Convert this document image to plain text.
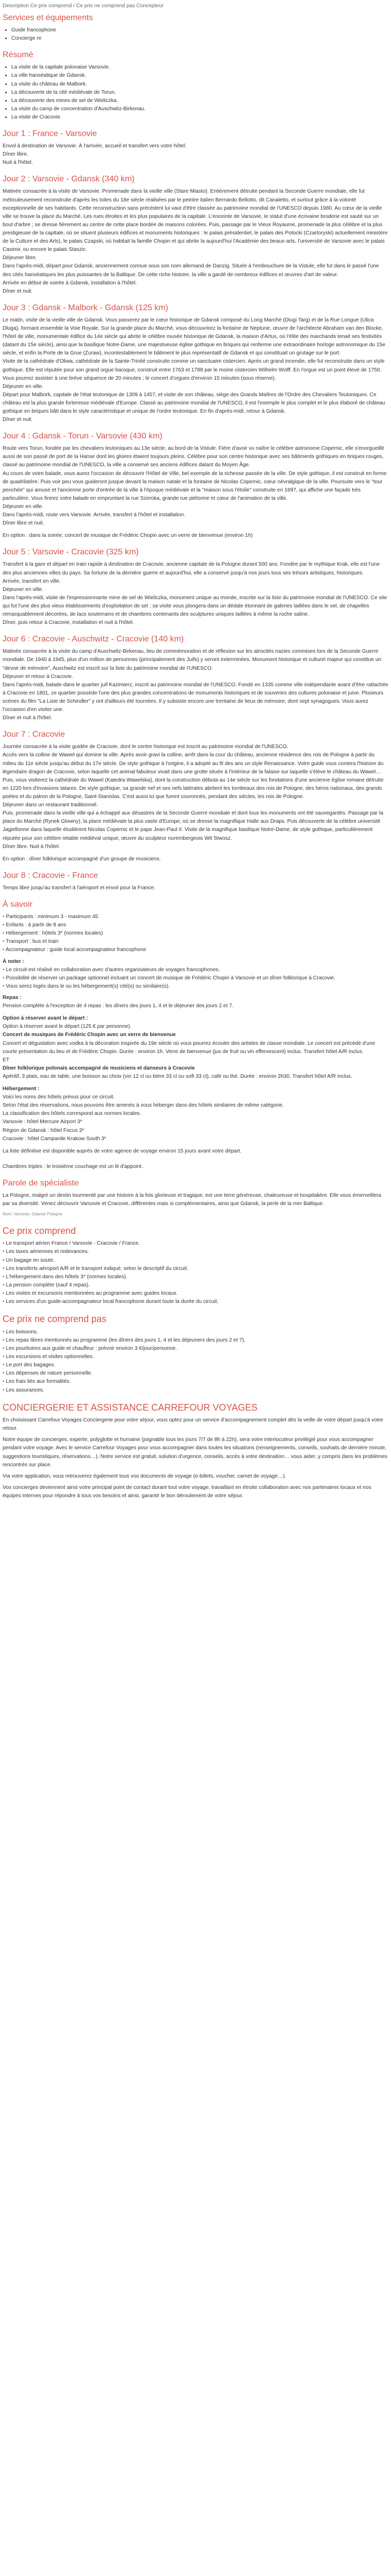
Description Ce prix comprend / Ce prix ne comprend pas Concepteur

Services et équipements
• Guide francophone
• Concierge re
Résumé
• La visite de la capitale polonaise Varsovie.
• La ville hanséatique de Gdansk.
• La visite du château de Malbork.
• La découverte de la cité médiévale de Torun.
• La découverte des mines de sel de Wieliczka.
• La visite du camp de concentration d'Auschwitz-Birkenau.
• La visite de Cracovie.
Jour 1 : France - Varsovie

Envol à destination de Varsovie. À l'arrivée, accueil et transfert vers votre hôtel.

Dîner libre.

Nuit à l'hôtel.

Jour 2 : Varsovie - Gdansk (340 km)

Matinée consacrée à la visite de Varsovie. Promenade dans la vieille ville (Stare Miasto). Entièrement détruite pendant la Seconde Guerre mondiale, elle fut méticuleusement reconstruite d'après les toiles du 18e siècle réalisées par le peintre italien Bernardo Bellotto, dit Canaletto, et surtout grâce à la volonté exceptionnelle de ses habitants. Cette reconstruction sans précédent lui vaut d'être classée au patrimoine mondial de l'UNESCO depuis 1980. Au cœur de la vieille ville se trouve la place du Marché. Les rues étroites et les plus populaires de la capitale. L'enceinte de Varsovie, le statut d'une écrivaine broderie est sauté sur un bout d'arbre ; se dresse fièrement au centre de cette place bordée de maisons colorées. Puis, passage par le Vieux Royaume, promenade la plus célèbre et la plus prestigieuse de la capitale, où se situent plusieurs édifices et monuments historiques : le palais présidentiel, le palais des Potocki (Czartoryski) actuellement ministère de la Culture et des Arts), le palais Czapski, où habitait la famille Chopin et qui abrite la aujourd'hui l'Académie des beaux-arts, l'université de Varsovie avec le palais Casimir, ou encore le palais Staszic.

Déjeuner libre.

Dans l'après-midi, départ pour Gdansk, anciennement connue sous son nom allemand de Danzig. Située à l'embouchure de la Vistule, elle fut dans le passé l'une des cités hanséatiques les plus puissantes de la Baltique. De cette riche histoire, la ville a gardé de nombreux édifices et œuvres d'art de valeur.

Arrivée en début de soirée à Gdansk, installation à l'hôtel.

Dîner et nuit.

Jour 3 : Gdansk - Malbork - Gdansk (125 km)

Le matin, visite de la vieille ville de Gdansk. Vous passerez par le cœur historique de Gdansk composé du Long Marché (Dlugi Targ) et de la Rue Longue (Ulica Dluga), formant ensemble la Voie Royale. Sur la grande place du Marché, vous découvrirez la fontaine de Neptune, œuvre de l'architecte Abraham van den Blocke, l'hôtel de ville, monumentale édifice du 14e siècle qui abrite le célèbre musée historique de Gdansk, la maison d'Artus, où l'élite des marchands tenait ses festivités (datant du 15e siècle), ainsi que la basilique Notre-Dame, une majestueuse église gothique en briques qui renferme une extraordinaire horloge astronomique du 15e siècle, et enfin la Porte de la Grue (Zuraw), incontestablement le bâtiment le plus représentatif de Gdansk et qui constituait un grutage sur le port.

Visite de la cathédrale d'Oliwa, cathédrale de la Sainte-Trinité construite comme un sanctuaire cistercien. Après un grand incendie, elle fut reconstruite dans un style gothique. Elle est réputée pour son grand orgue baroque, construit entre 1763 et 1788 par le moine cistercien Wilhelm Wolff. En l'orgue est un point élevé de 1750. Vous pourrez assister à une brève séquence de 20 minutes ; le concert d'orgues d'environ 15 minutes (sous réserve).

Déjeuner en ville.

Départ pour Malbork, capitale de l'état teutonique de 1309 à 1457, et visite de son château, siège des Grands Maîtres de l'Ordre des Chevaliers Teutoniques. Ce château est la plus grande forteresse médiévale d'Europe. Classé au patrimoine mondial de l'UNESCO, il est l'exemple le plus complet et le plus élaboré de château gothique en briques bâti dans le style caractéristique et unique de l'ordre teutonique. En fin d'après-midi, retour à Gdansk.

Dîner et nuit.

Jour 4 : Gdansk - Torun - Varsovie (430 km)

Route vers Torun, fondée par les chevaliers teutoniques au 13e siècle, au bord de la Vistule. Fière d'avoir vu naître le célèbre astronome Copernic, elle s'enorgueillit aussi de son passé de port de la Hanse dont les gloires étaient toujours pleins. Célèbre pour son centre historique avec ses bâtiments gothiques en briques rouges, classé au patrimoine mondial de l'UNESCO, la ville a conservé ses anciens édifices datant du Moyen Âge.

Au cours de votre balade, vous aurez l'occasion de découvrir l'Hôtel de Ville, bel exemple de la richesse passée de la ville. De style gothique, il est construit en forme de quadrilatère. Puis voir peu vous guideront jusque devant la maison natale et la fontaine de Nicolas Copernic, cœur névralgique de la ville. Poursuite vers le "tour penchée" qui amuse et l'ancienne porte d'entrée de la ville à l'époque médiévale et la "maison sous l'étoile" construite en 1697, qui affiche une façade très particulière. Vous finirez votre balade en empruntant la rue Szeroka, grande rue piétonne et cœur de l'animation de la ville.

Déjeuner en ville.

Dans l'après-midi, route vers Varsovie. Arrivée, transfert à l'hôtel et installation.

Dîner libre et nuit.

En option : dans la soirée, concert de musique de Frédéric Chopin avec un verre de bienvenue (environ 1h)

Jour 5 : Varsovie - Cracovie (325 km)

Transfert à la gare et départ en train rapide à destination de Cracovie, ancienne capitale de la Pologne durant 500 ans. Fondée par le mythique Krak, elle est l'une des plus anciennes villes du pays. Sa fortune de la dernière guerre et aujourd'hui, elle a conservé jusqu'à nos jours tous ses trésors artistiques, historiques.

Arrivée, transfert en ville.

Déjeuner en ville.

Dans l'après-midi, visite de l'impressionnante mine de sel de Wieliczka, monument unique au monde, inscrite sur la liste du patrimoine mondial de l'UNESCO. Ce site qui fut l'une des plus vieux établissements d'exploitation de sel ; sa visite vous plongera dans un dédale étonnant de galeries taillées dans le sel, de chapelles remarquablement décorées, de lacs souterrains et de chambres contenants des sculptures uniques taillées à même la roche saline.

Dîner, puis retour à Cracovie, installation et nuit à l'hôtel.

Jour 6 : Cracovie - Auschwitz - Cracovie (140 km)

Matinée consacrée à la visite du camp d'Auschwitz-Birkenau, lieu de commémoration et de réflexion sur les atrocités nazies commises lors de la Seconde Guerre mondiale. De 1940 à 1945, plus d'un million de personnes (principalement des Juifs) y seront exterminées. Monument historique et culturel majeur qui constitue un "devoir de mémoire", Auschwitz est inscrit sur la liste du patrimoine mondial de l'UNESCO.

Déjeuner et retour à Cracovie.

Dans l'après-midi, balade dans le quartier juif Kazimierz, inscrit au patrimoine mondial de l'UNESCO. Fondé en 1335 comme ville indépendante avant d'être rattachée à Cracovie en 1801, ce quartier possède l'une des plus grandes concentrations de monuments historiques et de souvenirs des cultures polonaise et juive. Plusieurs scènes du film "La Liste de Schindler" y ont d'ailleurs été tournées. Il y subsiste encore une trentaine de lieux de mémoire, dont sept synagogues. Vous aurez l'occasion d'en visiter une.

Dîner et nuit à l'hôtel.

Jour 7 : Cracovie

Journée consacrée à la visite guidée de Cracovie, dont le centre historique est inscrit au patrimoine mondial de l'UNESCO.

Accès vers la colline de Wawel qui domine la ville. Après avoir gravi la colline, arrêt dans la cour du château, ancienne résidence des rois de Pologne à partir du milieu du 11e siècle jusqu'au début du 17e siècle. De style gothique à l'origine, il a adopté au fil des ans un style Renaissance. Votre guide vous contera l'histoire du légendaire dragon de Cracovie, selon laquelle cet animal fabuleux vivait dans une grotte située à l'intérieur de la falaise sur laquelle s'élève le château du Wawel… Puis, vous visiterez la cathédrale du Wawel (Katedra Wawelska), dont la construction débuta au 14e siècle sur les fondations d'une ancienne église romane détruite en 1220 lors d'invasions tatares. De style gothique, sa grande nef et ses nefs latérales abritent les tombeaux des rois de Pologne, des héros nationaux, des grands poètes et du patron de la Pologne, Saint-Stanislas. C'est aussi ici que furent couronnés, pendant des siècles, les rois de Pologne.

Déjeuner dans un restaurant traditionnel.

Puis, promenade dans la vieille ville qui a échappé aux désastres de la Seconde Guerre mondiale et dont tous les monuments ont été sauvegardés. Passage par la place du Marché (Rynek Glowny), la place médiévale la plus vaste d'Europe, où se dresse la magnifique Halle aux Draps. Puis découverte de la célèbre université Jagiellonne dans laquelle étudièrent Nicolas Copernic et le pape Jean-Paul II. Visite de la magnifique basilique Notre-Dame, de style gothique, particulièrement réputée pour son célèbre retable médiéval unique, œuvre du sculpteur nurembergeois Wit Stwosz.

Dîner libre. Nuit à l'hôtel.

En option : dîner folklorique accompagné d'un groupe de musiciens.

Jour 8 : Cracovie - France

Temps libre jusqu'au transfert à l'aéroport et envol pour la France.

À savoir
• Participants : minimum 3 - maximum 45
• Enfants : à partir de 8 ans
• Hébergement : hôtels 3* (normes locales)
• Transport : bus et train
• Accompagnateur : guide local accompagnateur francophone

À noter :

• Le circuit est réalisé en collaboration avec d'autres organisateurs de voyages francophones.
• Possibilité de réserver un package optionnel incluant un concert de musique de Frédéric Chopin à Varsovie et un dîner folklorique à Cracovie.
• Vous serez logés dans le ou les hébergement(s) cité(s) ou similaire(s).

Repas :

Pension complète à l'exception de 4 repas : les dîners des jours 1, 4 et le déjeuner des jours 2 et 7.

Option à réserver avant le départ :

Option à réserver avant le départ (125 € par personne).

Concert de musiques de Frédéric Chopin avec un verre de bienvenue

Concert et dégustation avec vodka à la décoration inspirée du 19e siècle où vous pourrez écouter des artistes de classe mondiale. Le concert est précédé d'une courte présentation du lieu et de Frédéric Chopin. Durée : environ 1h. Verre de bienvenue (jus de fruit ou vin effervescent) inclus. Transfert hôtel A/R inclus.

ET

Dîner folklorique polonais accompagné de musiciens et danseurs à Cracovie

Apéritif, 3 plats, eau de table, une boisson au choix (vin 12 cl ou bière 33 cl ou soft 33 cl), café ou thé. Durée : environ 2h30. Transfert hôtel A/R inclus.

Hébergement :

Voici les noms des hôtels prévus pour ce circuit.

Selon l'état des réservations, nous pouvons être amenés à vous héberger dans des hôtels similaires de même catégorie.

La classification des hôtels correspond aux normes locales.

Varsovie : hôtel Mercure Airport 3*

Région de Gdansk : hôtel Focus 3*

Cracovie : hôtel Campanile Krakow South 3*

La liste définitive est disponible auprès de votre agence de voyage environ 15 jours avant votre départ.

Chambres triples : le troisième couchage est un lit d'appoint.

Parole de spécialiste

La Pologne, malgré un destin tourmenté par une histoire à la fois glorieuse et tragique, est une terre généreuse, chaleureuse et hospitalière. Elle vous émerveillera par sa diversité. Venez découvrir Varsovie et Cracovie, différentes mais si complémentaires, ainsi que Gdansk, la perle de la mer Baltique.

Nom: Varsovie, Gdansk Pologne

Ce prix comprend
• Le transport aérien France / Varsovie - Cracovie / France.
• Les taxes aériennes et redevances.
• Un bagage en soute.
• Les transferts aéroport A/R et le transport indiqué, selon le descriptif du circuit.
• L'hébergement dans des hôtels 3* (normes locales).
• La pension complète (sauf 4 repas).
• Les visites et excursions mentionnées au programme avec guides locaux.
• Les services d'un guide-accompagnateur local francophone durant toute la durée du circuit.
Ce prix ne comprend pas
• Les boissons.
• Les repas libres mentionnés au programme (les dîners des jours 1, 4 et les déjeuners des jours 2 et 7).
• Les pourboires aux guide et chauffeur : prévoir environ 3 €/jour/personne.
• Les excursions et visites optionnelles.
• Le port des bagages.
• Les dépenses de nature personnelle.
• Les frais liés aux formalités.
• Les assurances.
CONCIERGERIE ET ASSISTANCE CARREFOUR VOYAGES

En choisissant Carrefour Voyages Conciergerie pour votre séjour, vous optez pour un service d'accompagnement complet dès la veille de votre départ jusqu'à votre retour.

Notre équipe de concierges, experte, polyglotte et humaine (joignable tous les jours 7/7 de 8h à 22h), sera votre interlocuteur privilégié pour vous accompagner pendant votre voyage. Avec le service Carrefour Voyages pour vous accompagner dans toutes les situations (renseignements, conseils, souhaits de dernière minute, suggestions touristiques, réservations…). Notre service est gratuit, solution d'urgence, conseils, accès à votre destination… vous aider, y compris dans les problèmes rencontrés sur place.

Via votre application, vous retrouverez également tous vos documents de voyage (e-billets, voucher, carnet de voyage…).

Vos concierges deviennent ainsi votre principal point de contact durant tout votre voyage, travaillant en étroite collaboration avec nos partenaires locaux et nos équipes internes pour répondre à tous vos besoins et ainsi, garantir le bon déroulement de votre séjour.
